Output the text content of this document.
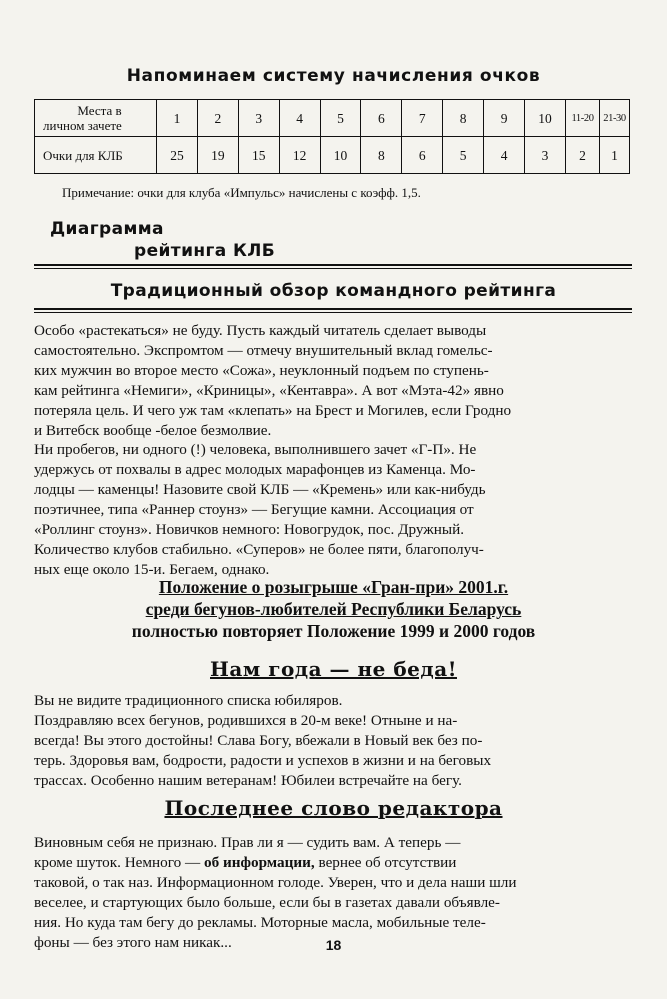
Напоминаем систему начисления очков
Места в
личном зачете	1	2	3	4	5	6	7	8	9	10	11-20	21-30
Очки для КЛБ	25	19	15	12	10	8	6	5	4	3	2	1
Примечание: очки для клуба «Импульс» начислены с коэфф. 1,5.
Диаграмма
рейтинга КЛБ
Традиционный обзор командного рейтинга
Особо «растекаться» не буду. Пусть каждый читатель сделает выводы
самостоятельно. Экспромтом — отмечу внушительный вклад гомельс-
ких мужчин во второе место «Сожа», неуклонный подъем по ступень-
кам рейтинга «Немиги», «Криницы», «Кентавра». А вот «Мэта-42» явно
потеряла цель. И чего уж там «клепать» на Брест и Могилев, если Гродно
и Витебск вообще -белое безмолвие.
Ни пробегов, ни одного (!) человека, выполнившего зачет «Г-П». Не
удержусь от похвалы в адрес молодых марафонцев из Каменца. Мо-
лодцы — каменцы! Назовите свой КЛБ — «Кремень» или как-нибудь
поэтичнее, типа «Раннер стоунз» — Бегущие камни. Ассоциация от
«Роллинг стоунз». Новичков немного: Новогрудок, пос. Дружный.
Количество клубов стабильно. «Суперов» не более пяти, благополуч-
ных еще около 15-и. Бегаем, однако.
Положение о розыгрыше «Гран-при» 2001.г.
среди бегунов-любителей Республики Беларусь
полностью повторяет Положение 1999 и 2000 годов
Нам года — не беда!
Вы не видите традиционного списка юбиляров.
Поздравляю всех бегунов, родившихся в 20-м веке! Отныне и на-
всегда! Вы этого достойны! Слава Богу, вбежали в Новый век без по-
терь. Здоровья вам, бодрости, радости и успехов в жизни и на беговых
трассах. Особенно нашим ветеранам! Юбилеи встречайте на бегу.
Последнее слово редактора
Виновным себя не признаю. Прав ли я — судить вам. А теперь —
кроме шуток. Немного — об информации, вернее об отсутствии
таковой, о так наз. Информационном голоде. Уверен, что и дела наши шли
веселее, и стартующих было больше, если бы в газетах давали объявле-
ния. Но куда там бегу до рекламы. Моторные масла, мобильные теле-
фоны — без этого нам никак...	18
